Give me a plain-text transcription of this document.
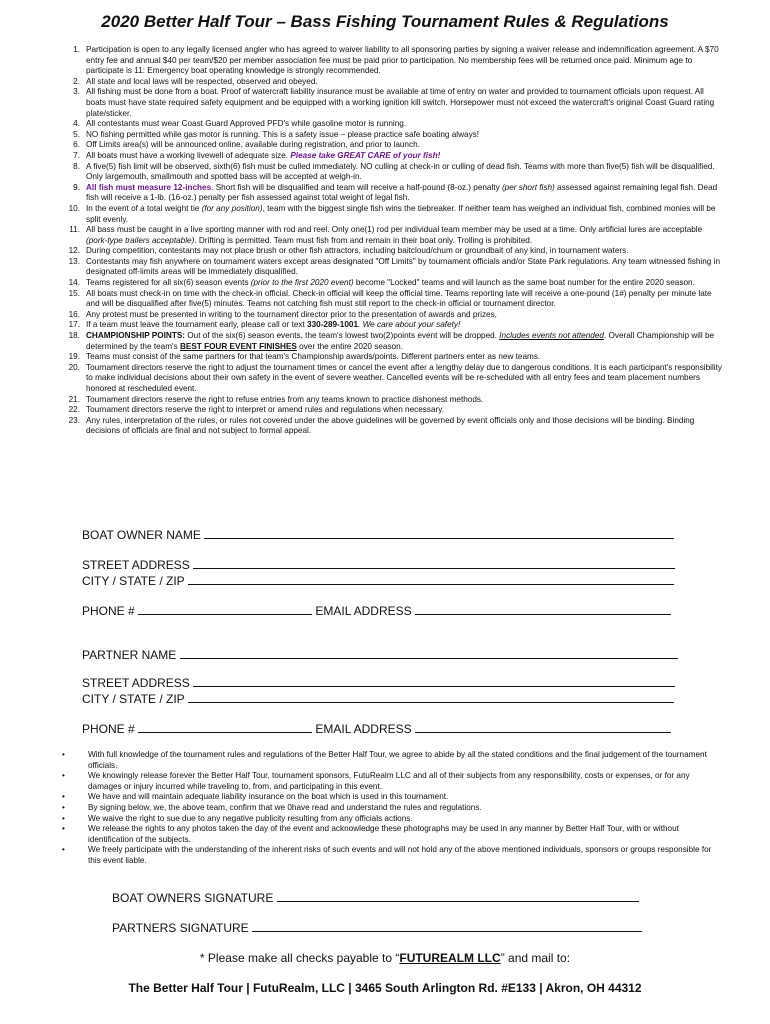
2020 Better Half Tour – Bass Fishing Tournament Rules & Regulations
1. Participation is open to any legally licensed angler who has agreed to waiver liability to all sponsoring parties by signing a waiver release and indemnification agreement. A $70 entry fee and annual $40 per team/$20 per member association fee must be paid prior to participation. No membership fees will be returned once paid. Minimum age to participate is 11: Emergency boat operating knowledge is strongly recommended.
2. All state and local laws will be respected, observed and obeyed.
3. All fishing must be done from a boat. Proof of watercraft liability insurance must be available at time of entry on water and provided to tournament officials upon request. All boats must have state required safety equipment and be equipped with a working ignition kill switch. Horsepower must not exceed the watercraft's original Coast Guard rating plate/sticker.
4. All contestants must wear Coast Guard Approved PFD's while gasoline motor is running.
5. NO fishing permitted while gas motor is running. This is a safety issue – please practice safe boating always!
6. Off Limits area(s) will be announced online, available during registration, and prior to launch.
7. All boats must have a working livewell of adequate size. Please take GREAT CARE of your fish!
8. A five(5) fish limit will be observed, sixth(6) fish must be culled immediately. NO culling at check-in or culling of dead fish. Teams with more than five(5) fish will be disqualified. Only largemouth, smallmouth and spotted bass will be accepted at weigh-in.
9. All fish must measure 12-inches. Short fish will be disqualified and team will receive a half-pound (8-oz.) penalty (per short fish) assessed against remaining legal fish. Dead fish will receive a 1-lb. (16-oz.) penalty per fish assessed against total weight of legal fish.
10. In the event of a total weight tie (for any position), team with the biggest single fish wins the tiebreaker. If neither team has weighed an individual fish, combined monies will be split evenly.
11. All bass must be caught in a live sporting manner with rod and reel. Only one(1) rod per individual team member may be used at a time. Only artificial lures are acceptable (pork-type trailers acceptable). Drifting is permitted. Team must fish from and remain in their boat only. Trolling is prohibited.
12. During competition, contestants may not place brush or other fish attractors, including baitcloud/chum or groundbait of any kind, in tournament waters.
13. Contestants may fish anywhere on tournament waters except areas designated "Off Limits" by tournament officials and/or State Park regulations. Any team witnessed fishing in designated off-limits areas will be immediately disqualified.
14. Teams registered for all six(6) season events (prior to the first 2020 event) become "Locked" teams and will launch as the same boat number for the entire 2020 season.
15. All boats must check-in on time with the check-in official. Check-in official will keep the official time. Teams reporting late will receive a one-pound (1#) penalty per minute late and will be disqualified after five(5) minutes. Teams not catching fish must still report to the check-in official or tournament director.
16. Any protest must be presented in writing to the tournament director prior to the presentation of awards and prizes,
17. If a team must leave the tournament early, please call or text 330-289-1001. We care about your safety!
18. CHAMPIONSHIP POINTS: Out of the six(6) season events, the team's lowest two(2)points event will be dropped. Includes events not attended. Overall Championship will be determined by the team's BEST FOUR EVENT FINISHES over the entire 2020 season.
19. Teams must consist of the same partners for that team's Championship awards/points. Different partners enter as new teams.
20. Tournament directors reserve the right to adjust the tournament times or cancel the event after a lengthy delay due to dangerous conditions. It is each participant's responsibility to make individual decisions about their own safety in the event of severe weather. Cancelled events will be re-scheduled with all entry fees and team placement numbers honored at rescheduled event.
21. Tournament directors reserve the right to refuse entries from any teams known to practice dishonest methods.
22. Tournament directors reserve the right to interpret or amend rules and regulations when necessary.
23. Any rules, interpretation of the rules, or rules not covered under the above guidelines will be governed by event officials only and those decisions will be binding. Binding decisions of officials are final and not subject to formal appeal.
BOAT OWNER NAME
STREET ADDRESS
CITY / STATE / ZIP
PHONE #	EMAIL ADDRESS
PARTNER NAME
STREET ADDRESS
CITY / STATE / ZIP
PHONE #	EMAIL ADDRESS
•	With full knowledge of the tournament rules and regulations of the Better Half Tour, we agree to abide by all the stated conditions and the final judgement of the tournament officials.
•	We knowingly release forever the Better Half Tour, tournament sponsors, FutuRealm LLC and all of their subjects from any responsibility, costs or expenses, or for any damages or injury incurred while traveling to, from, and participating in this event.
•	We have and will maintain adequate liability insurance on the boat which is used in this tournament.
•	By signing below, we, the above team, confirm that we 0have read and understand the rules and regulations.
•	We waive the right to sue due to any negative publicity resulting from any officials actions.
•	We release the rights to any photos taken the day of the event and acknowledge these photographs may be used in any manner by Better Half Tour, with or without identification of the subjects.
•	We freely participate with the understanding of the inherent risks of such events and will not hold any of the above mentioned individuals, sponsors or groups responsible for this event liable.
BOAT OWNERS SIGNATURE
PARTNERS SIGNATURE
* Please make all checks payable to “FUTUREALM LLC” and mail to:
The Better Half Tour | FutuRealm, LLC | 3465 South Arlington Rd. #E133 | Akron, OH 44312
